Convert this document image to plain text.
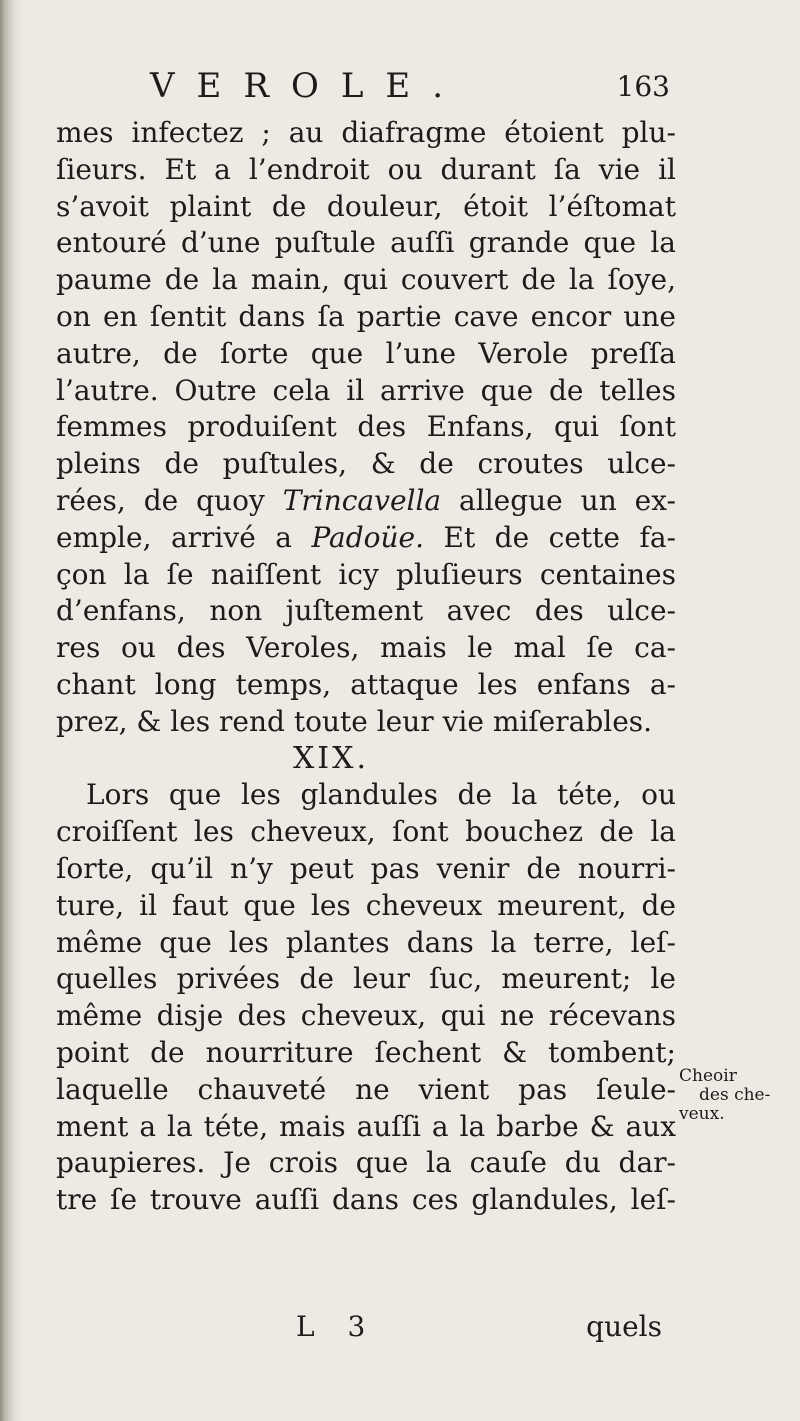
VEROLE.	163
mes infectez ; au diafragme étoient plu-
ſieurs. Et a l’endroit ou durant ſa vie il
s’avoit plaint de douleur, étoit l’éſtomat
entouré d’une puſtule auſſi grande que la
paume de la main, qui couvert de la ſoye,
on en ſentit dans ſa partie cave encor une
autre, de ſorte que l’une Verole preſſa
l’autre. Outre cela il arrive que de telles
femmes produiſent des Enfans, qui ſont
pleins de puſtules, & de croutes ulce-
rées, de quoy Trincavella allegue un ex-
emple, arrivé a Padoüe. Et de cette fa-
çon la ſe naiſſent icy pluſieurs centaines
d’enfans, non juſtement avec des ulce-
res ou des Veroles, mais le mal ſe ca-
chant long temps, attaque les enfans a-
prez, & les rend toute leur vie miſerables.
XIX.
Lors que les glandules de la téte, ou
croiſſent les cheveux, ſont bouchez de la
ſorte, qu’il n’y peut pas venir de nourri-
ture, il faut que les cheveux meurent, de
même que les plantes dans la terre, leſ-
quelles privées de leur ſuc, meurent; le
même disje des cheveux, qui ne récevans
point de nourriture ſechent & tombent;
laquelle chauveté ne vient pas ſeule-
ment a la téte, mais auſſi a la barbe & aux
paupieres. Je crois que la cauſe du dar-
tre ſe trouve auſſi dans ces glandules, leſ-
Cheoir
des che-
veux.
L 3	quels
